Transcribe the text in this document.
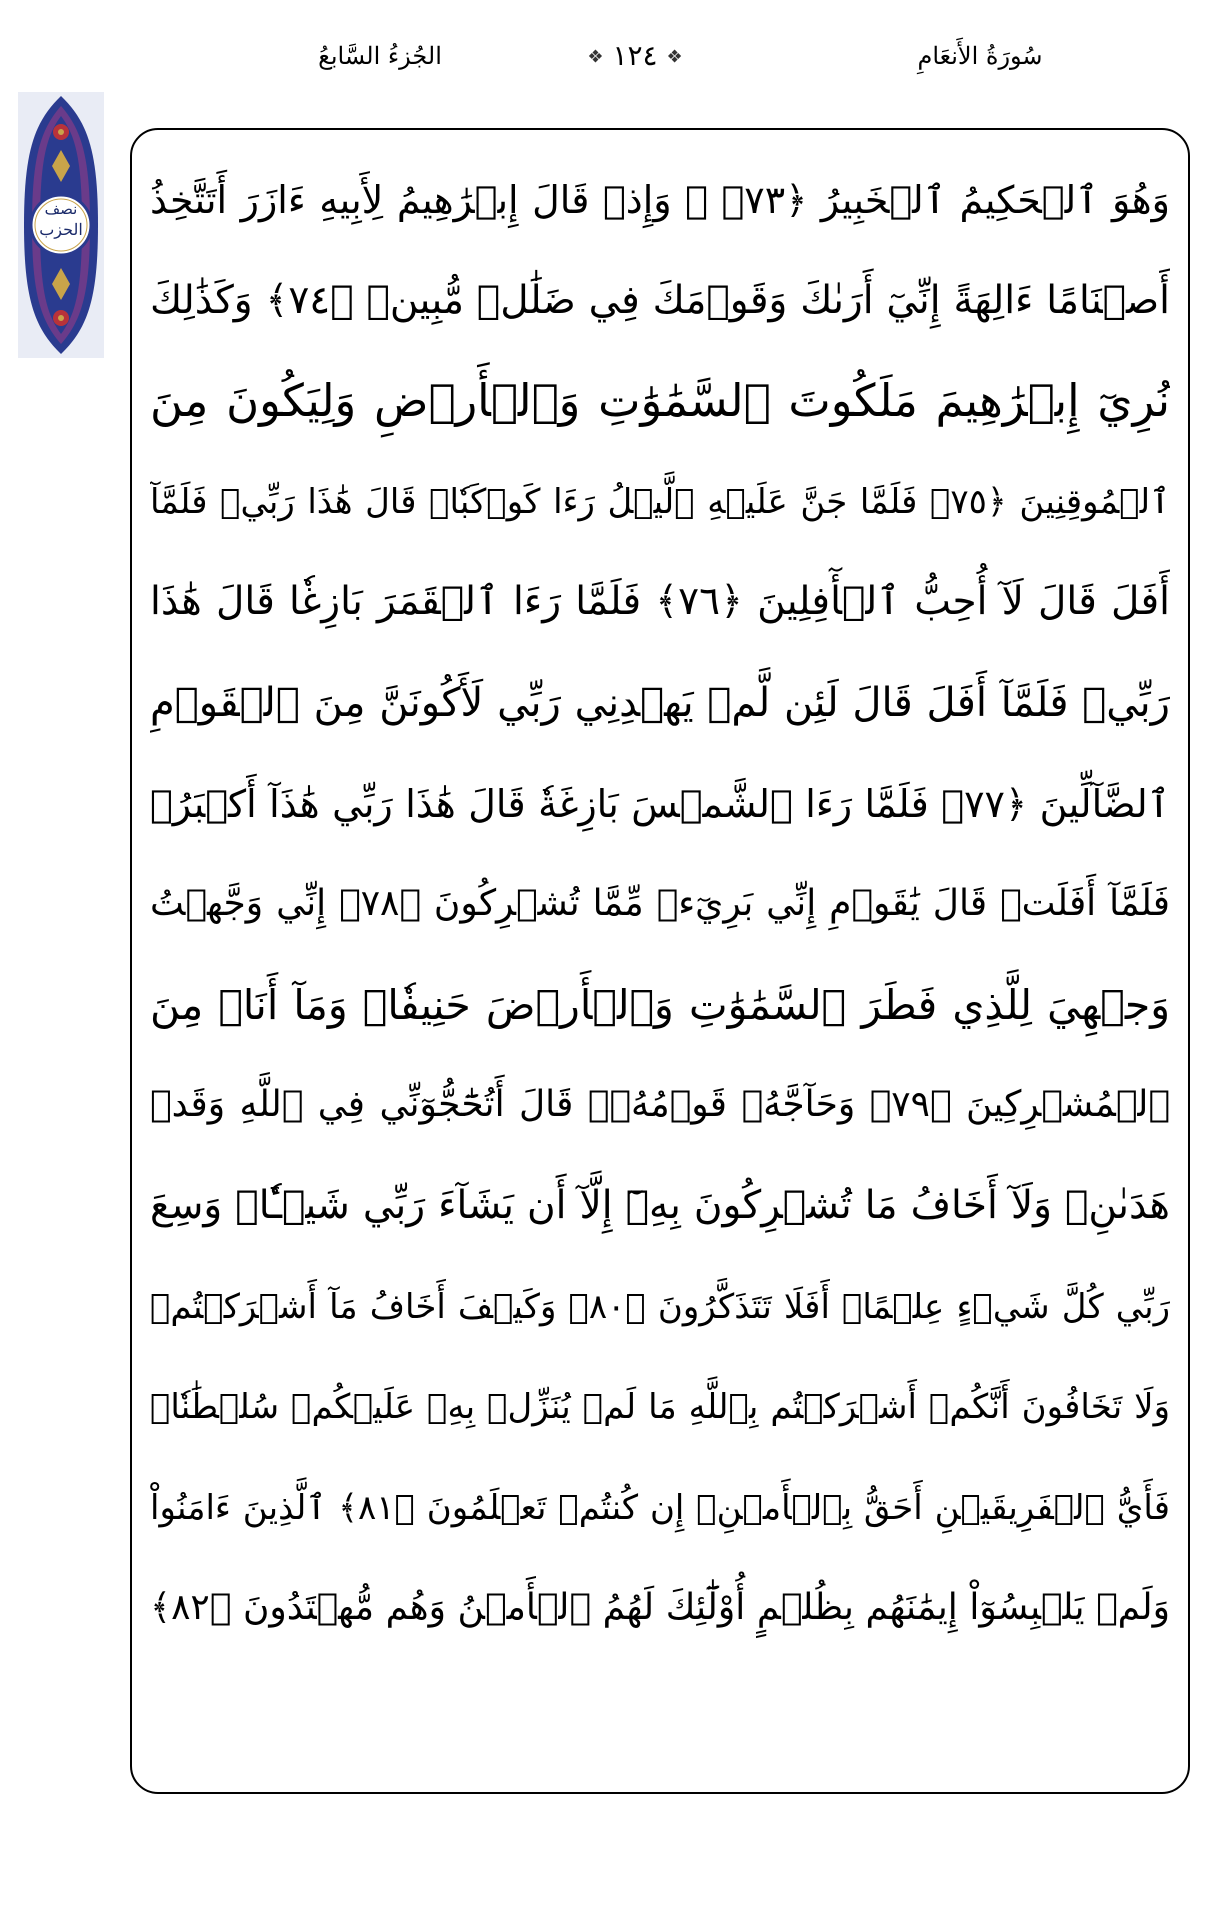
الجُزءُ السَّابعُ	❖ ١٢٤ ❖	سُورَةُ الأَنعَامِ
نصف
الحزب
وَهُوَ ٱلۡحَكِيمُ ٱلۡخَبِيرُ ﴿٧٣﴾ ۞ وَإِذۡ قَالَ إِبۡرَٰهِيمُ لِأَبِيهِ ءَازَرَ أَتَتَّخِذُ
أَصۡنَامًا ءَالِهَةً إِنِّيٓ أَرَىٰكَ وَقَوۡمَكَ فِي ضَلَٰلٖ مُّبِينٖ ﴿٧٤﴾ وَكَذَٰلِكَ
نُرِيٓ إِبۡرَٰهِيمَ مَلَكُوتَ ٱلسَّمَٰوَٰتِ وَٱلۡأَرۡضِ وَلِيَكُونَ مِنَ
ٱلۡمُوقِنِينَ ﴿٧٥﴾ فَلَمَّا جَنَّ عَلَيۡهِ ٱلَّيۡلُ رَءَا كَوۡكَبٗاۖ قَالَ هَٰذَا رَبِّيۖ فَلَمَّآ
أَفَلَ قَالَ لَآ أُحِبُّ ٱلۡأٓفِلِينَ ﴿٧٦﴾ فَلَمَّا رَءَا ٱلۡقَمَرَ بَازِغٗا قَالَ هَٰذَا
رَبِّيۖ فَلَمَّآ أَفَلَ قَالَ لَئِن لَّمۡ يَهۡدِنِي رَبِّي لَأَكُونَنَّ مِنَ ٱلۡقَوۡمِ
ٱلضَّآلِّينَ ﴿٧٧﴾ فَلَمَّا رَءَا ٱلشَّمۡسَ بَازِغَةٗ قَالَ هَٰذَا رَبِّي هَٰذَآ أَكۡبَرُۖ
فَلَمَّآ أَفَلَتۡ قَالَ يَٰقَوۡمِ إِنِّي بَرِيٓءٞ مِّمَّا تُشۡرِكُونَ ﴿٧٨﴾ إِنِّي وَجَّهۡتُ
وَجۡهِيَ لِلَّذِي فَطَرَ ٱلسَّمَٰوَٰتِ وَٱلۡأَرۡضَ حَنِيفٗاۖ وَمَآ أَنَا۠ مِنَ
ٱلۡمُشۡرِكِينَ ﴿٧٩﴾ وَحَآجَّهُۥ قَوۡمُهُۥۚ قَالَ أَتُحَٰٓجُّوٓنِّي فِي ٱللَّهِ وَقَدۡ
هَدَىٰنِۚ وَلَآ أَخَافُ مَا تُشۡرِكُونَ بِهِۦٓ إِلَّآ أَن يَشَآءَ رَبِّي شَيۡـٔٗاۗ وَسِعَ
رَبِّي كُلَّ شَيۡءٍ عِلۡمًاۚ أَفَلَا تَتَذَكَّرُونَ ﴿٨٠﴾ وَكَيۡفَ أَخَافُ مَآ أَشۡرَكۡتُمۡ
وَلَا تَخَافُونَ أَنَّكُمۡ أَشۡرَكۡتُم بِٱللَّهِ مَا لَمۡ يُنَزِّلۡ بِهِۦ عَلَيۡكُمۡ سُلۡطَٰنٗاۚ
فَأَيُّ ٱلۡفَرِيقَيۡنِ أَحَقُّ بِٱلۡأَمۡنِۖ إِن كُنتُمۡ تَعۡلَمُونَ ﴿٨١﴾ ٱلَّذِينَ ءَامَنُواْ
وَلَمۡ يَلۡبِسُوٓاْ إِيمَٰنَهُم بِظُلۡمٍ أُوْلَٰٓئِكَ لَهُمُ ٱلۡأَمۡنُ وَهُم مُّهۡتَدُونَ ﴿٨٢﴾
